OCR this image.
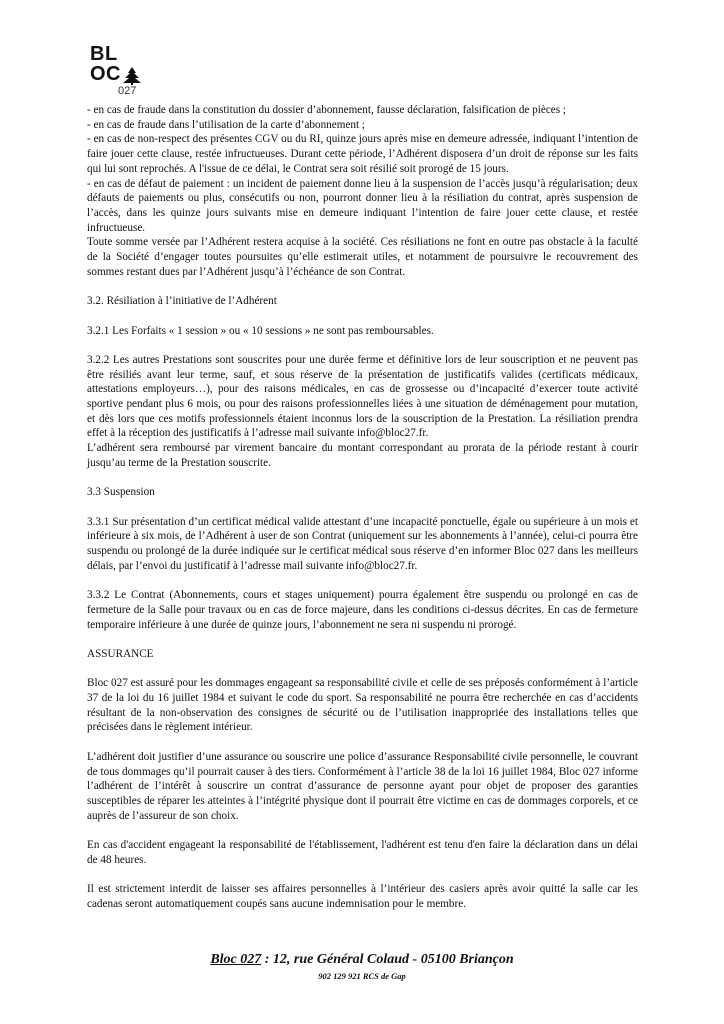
BL
OC
027

- en cas de fraude dans la constitution du dossier d’abonnement, fausse déclaration, falsification de pièces ;

- en cas de fraude dans l’utilisation de la carte d’abonnement ;

- en cas de non-respect des présentes CGV ou du RI, quinze jours après mise en demeure adressée, indiquant l’intention de faire jouer cette clause, restée infructueuses. Durant cette période, l’Adhérent disposera d’un droit de réponse sur les faits qui lui sont reprochés. A l'issue de ce délai, le Contrat sera soit résilié soit prorogé de 15 jours.

- en cas de défaut de paiement : un incident de paiement donne lieu à la suspension de l’accès jusqu’à régularisation; deux défauts de paiements ou plus, consécutifs ou non, pourront donner lieu à la résiliation du contrat, après suspension de l’accès, dans les quinze jours suivants mise en demeure indiquant l’intention de faire jouer cette clause, et restée infructueuse.

Toute somme versée par l’Adhérent restera acquise à la société. Ces résiliations ne font en outre pas obstacle à la faculté de la Société d’engager toutes poursuites qu’elle estimerait utiles, et notamment de poursuivre le recouvrement des sommes restant dues par l’Adhérent jusqu’à l’échéance de son Contrat.

3.2. Résiliation à l’initiative de l’Adhérent

3.2.1 Les Forfaits « 1 session » ou « 10 sessions » ne sont pas remboursables.

3.2.2 Les autres Prestations sont souscrites pour une durée ferme et définitive lors de leur souscription et ne peuvent pas être résiliés avant leur terme, sauf, et sous réserve de la présentation de justificatifs valides (certificats médicaux, attestations employeurs…), pour des raisons médicales, en cas de grossesse ou d’incapacité d’exercer toute activité sportive pendant plus 6 mois, ou pour des raisons professionnelles liées à une situation de déménagement pour mutation, et dès lors que ces motifs professionnels étaient inconnus lors de la souscription de la Prestation. La résiliation prendra effet à la réception des justificatifs à l’adresse mail suivante info@bloc27.fr.

L’adhérent sera remboursé par virement bancaire du montant correspondant au prorata de la période restant à courir jusqu’au terme de la Prestation souscrite.

3.3 Suspension

3.3.1 Sur présentation d’un certificat médical valide attestant d’une incapacité ponctuelle, égale ou supérieure à un mois et inférieure à six mois, de l’Adhérent à user de son Contrat (uniquement sur les abonnements à l’année), celui-ci pourra être suspendu ou prolongé de la durée indiquée sur le certificat médical sous réserve d’en informer Bloc 027 dans les meilleurs délais, par l’envoi du justificatif à l’adresse mail suivante info@bloc27.fr.

3.3.2 Le Contrat (Abonnements, cours et stages uniquement) pourra également être suspendu ou prolongé en cas de fermeture de la Salle pour travaux ou en cas de force majeure, dans les conditions ci-dessus décrites. En cas de fermeture temporaire inférieure à une durée de quinze jours, l’abonnement ne sera ni suspendu ni prorogé.

ASSURANCE

Bloc 027 est assuré pour les dommages engageant sa responsabilité civile et celle de ses préposés conformément à l’article 37 de la loi du 16 juillet 1984 et suivant le code du sport. Sa responsabilité ne pourra être recherchée en cas d’accidents résultant de la non-observation des consignes de sécurité ou de l’utilisation inappropriée des installations telles que précisées dans le règlement intérieur.

L’adhérent doit justifier d’une assurance ou souscrire une police d’assurance Responsabilité civile personnelle, le couvrant de tous dommages qu’il pourrait causer à des tiers. Conformément à l’article 38 de la loi 16 juillet 1984, Bloc 027 informe l’adhérent de l’intérêt à souscrire un contrat d’assurance de personne ayant pour objet de proposer des garanties susceptibles de réparer les atteintes à l’intégrité physique dont il pourrait être victime en cas de dommages corporels, et ce auprès de l’assureur de son choix.

En cas d'accident engageant la responsabilité de l'établissement, l'adhérent est tenu d'en faire la déclaration dans un délai de 48 heures.

Il est strictement interdit de laisser ses affaires personnelles à l’intérieur des casiers après avoir quitté la salle car les cadenas seront automatiquement coupés sans aucune indemnisation pour le membre.

Bloc 027 : 12, rue Général Colaud - 05100 Briançon
902 129 921 RCS de Gap
